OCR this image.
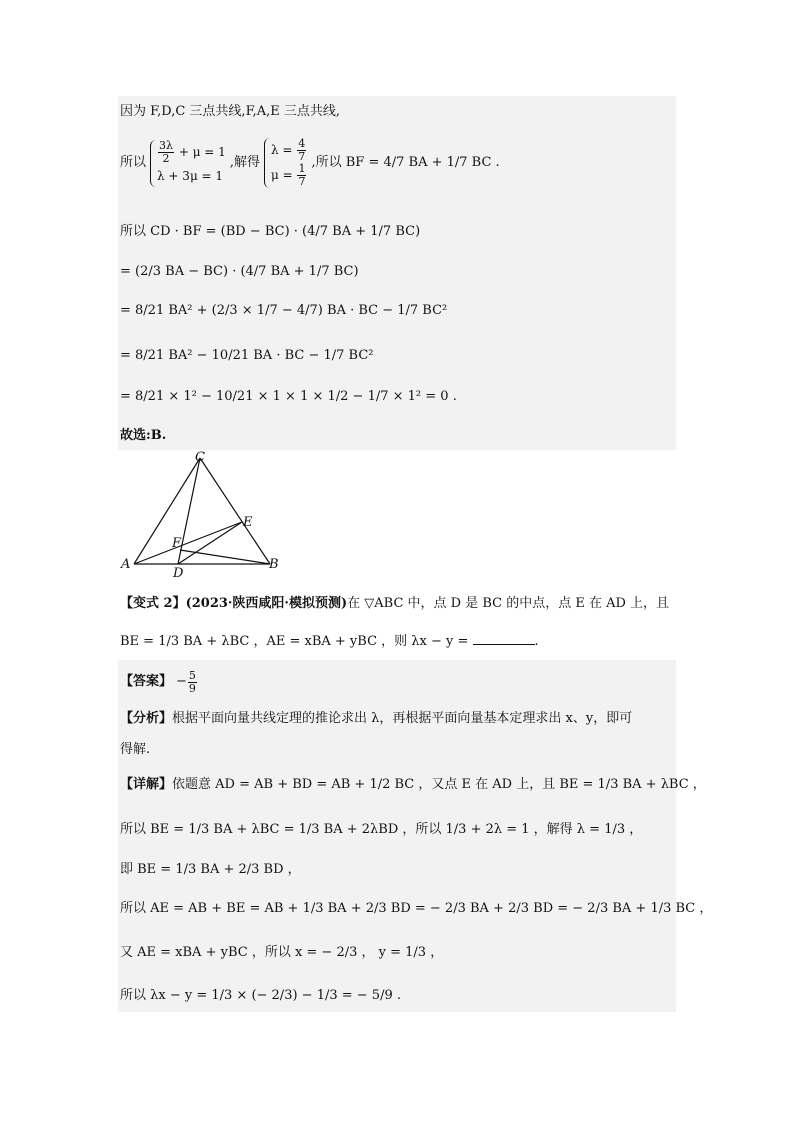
因为 F,D,C 三点共线,F,A,E 三点共线,
所以 $\frac{3\lambda}{2} + \mu = 1$
λ + 3μ = 1
,解得
$\lambda = \frac{4}{7}$
$\mu = \frac{1}{7}$
,所以 BF = 4/7 BA + 1/7 BC .
所以 CD · BF = (BD − BC) · (4/7 BA + 1/7 BC)
= (2/3 BA − BC) · (4/7 BA + 1/7 BC)
= 8/21 BA² + (2/3 × 1/7 − 4/7) BA · BC − 1/7 BC²
= 8/21 BA² − 10/21 BA · BC − 1/7 BC²
= 8/21 × 1² − 10/21 × 1 × 1 × 1/2 − 1/7 × 1² = 0 .
故选:B.
C
E
F
A
D
B
【变式 2】(2023·陕西咸阳·模拟预测)在 ▽ABC 中，点 D 是 BC 的中点，点 E 在 AD 上，且
BE = 1/3 BA + λBC ，AE = xBA + yBC ，则 λx − y =	.
【答案】 − $\frac{5}{9}$
【分析】根据平面向量共线定理的推论求出 λ，再根据平面向量基本定理求出 x、y，即可
得解.
【详解】依题意 AD = AB + BD = AB + 1/2 BC ，又点 E 在 AD 上，且 BE = 1/3 BA + λBC ，
所以 BE = 1/3 BA + λBC = 1/3 BA + 2λBD ，所以 1/3 + 2λ = 1 ，解得 λ = 1/3 ，
即 BE = 1/3 BA + 2/3 BD ，
所以 AE = AB + BE = AB + 1/3 BA + 2/3 BD = − 2/3 BA + 2/3 BD = − 2/3 BA + 1/3 BC ，
又 AE = xBA + yBC ，所以 x = − 2/3 ， y = 1/3 ，
所以 λx − y = 1/3 × (− 2/3) − 1/3 = − 5/9 .
